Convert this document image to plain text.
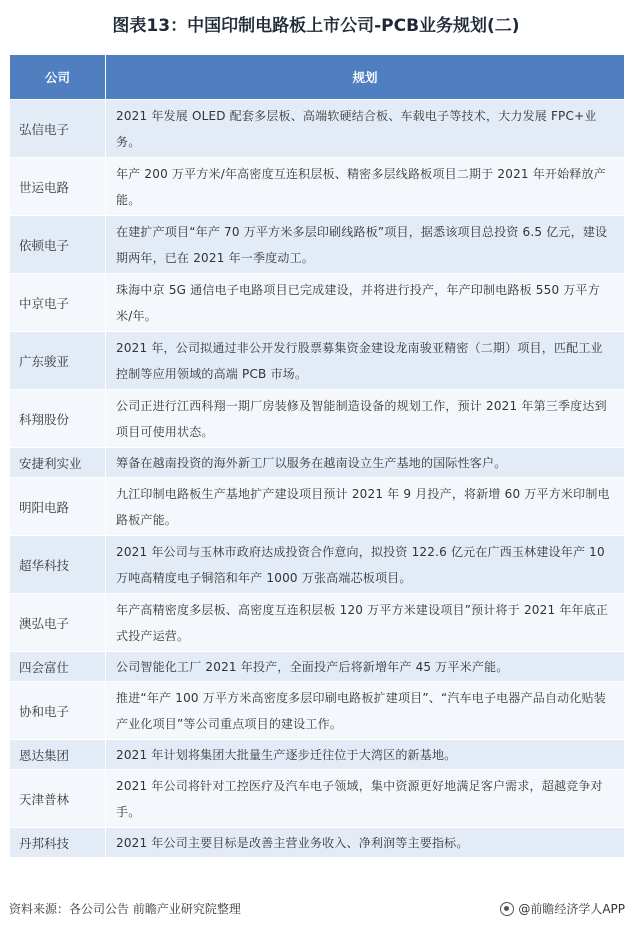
图表13：中国印制电路板上市公司-PCB业务规划(二)
公司	规划
弘信电子	2021 年发展 OLED 配套多层板、高端软硬结合板、车载电子等技术，大力发展 FPC+业务。
世运电路	年产 200 万平方米/年高密度互连积层板、精密多层线路板项目二期于 2021 年开始释放产能。
依顿电子	在建扩产项目“年产 70 万平方米多层印刷线路板”项目，据悉该项目总投资 6.5 亿元，建设期两年，已在 2021 年一季度动工。
中京电子	珠海中京 5G 通信电子电路项目已完成建设，并将进行投产，年产印制电路板 550 万平方米/年。
广东骏亚	2021 年，公司拟通过非公开发行股票募集资金建设龙南骏亚精密（二期）项目，匹配工业控制等应用领域的高端 PCB 市场。
科翔股份	公司正进行江西科翔一期厂房装修及智能制造设备的规划工作，预计 2021 年第三季度达到项目可使用状态。
安捷利实业	筹备在越南投资的海外新工厂以服务在越南设立生产基地的国际性客户。
明阳电路	九江印制电路板生产基地扩产建设项目预计 2021 年 9 月投产，将新增 60 万平方米印制电路板产能。
超华科技	2021 年公司与玉林市政府达成投资合作意向，拟投资 122.6 亿元在广西玉林建设年产 10 万吨高精度电子铜箔和年产 1000 万张高端芯板项目。
澳弘电子	年产高精密度多层板、高密度互连积层板 120 万平方米建设项目”预计将于 2021 年年底正式投产运营。
四会富仕	公司智能化工厂 2021 年投产，全面投产后将新增年产 45 万平米产能。
协和电子	推进“年产 100 万平方米高密度多层印刷电路板扩建项目”、“汽车电子电器产品自动化贴装产业化项目”等公司重点项目的建设工作。
恩达集团	2021 年计划将集团大批量生产逐步迁往位于大湾区的新基地。
天津普林	2021 年公司将针对工控医疗及汽车电子领域，集中资源更好地满足客户需求，超越竞争对手。
丹邦科技	2021 年公司主要目标是改善主营业务收入、净利润等主要指标。
资料来源：各公司公告 前瞻产业研究院整理	@前瞻经济学人APP
